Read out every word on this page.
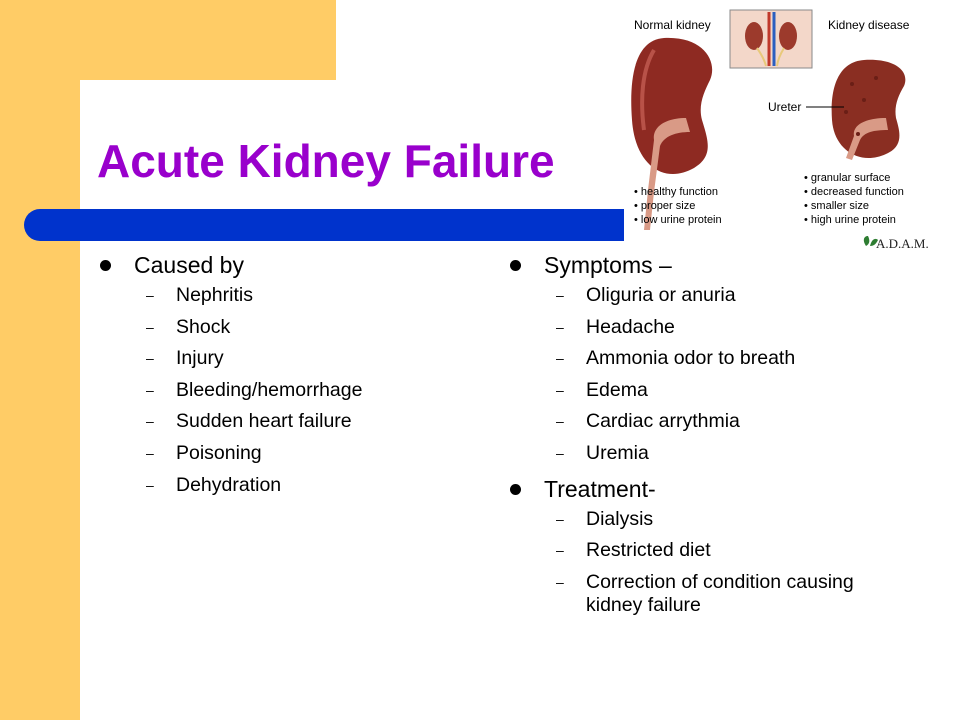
Acute Kidney Failure
Normal kidney	Kidney disease
Ureter
• healthy function
• proper size
• low urine protein
• granular surface
• decreased function
• smaller size
• high urine protein
A.D.A.M.
Caused by
– Nephritis
– Shock
– Injury
– Bleeding/hemorrhage
– Sudden heart failure
– Poisoning
– Dehydration
Symptoms –
– Oliguria or anuria
– Headache
– Ammonia odor to breath
– Edema
– Cardiac arrythmia
– Uremia
Treatment-
– Dialysis
– Restricted diet
– Correction of condition causing kidney failure
